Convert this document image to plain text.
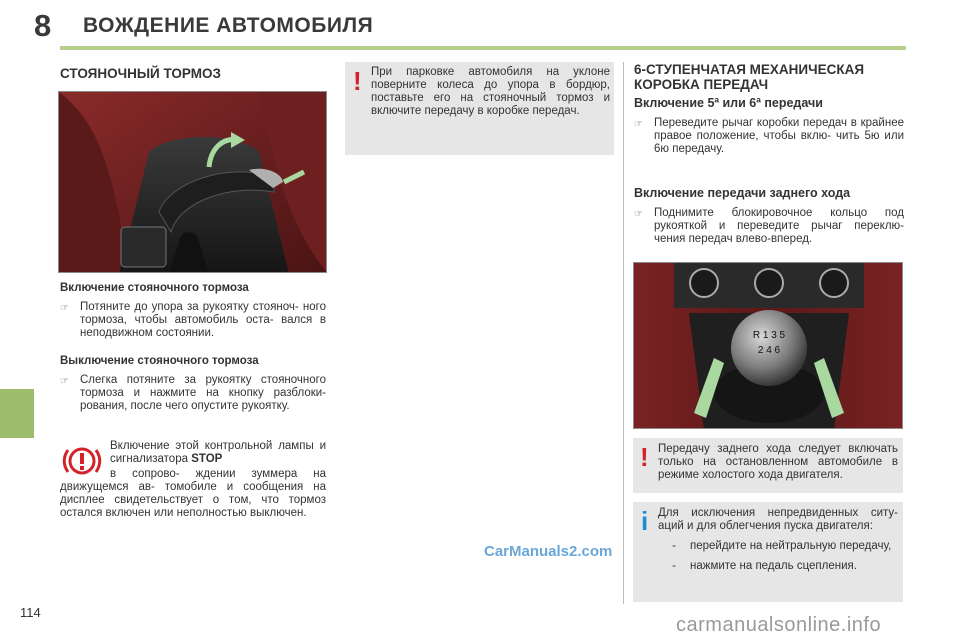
8 ВОЖДЕНИЕ АВТОМОБИЛЯ
СТОЯНОЧНЫЙ ТОРМОЗ
Включение стояночного тормоза
☞ Потяните до упора за рукоятку стояноч- ного тормоза, чтобы автомобиль оста- вался в неподвижном состоянии.
Выключение стояночного тормоза
☞ Слегка потяните за рукоятку стояночного тормоза и нажмите на кнопку разблоки- рования, после чего опустите рукоятку.
Включение этой контрольной лампы и сигнализатора STOP
в сопрово- ждении зуммера на движущемся ав- томобиле и сообщения на дисплее свидетельствует о том, что тормоз остался включен или неполностью выключен.
! При парковке автомобиля на уклоне поверните колеса до упора в бордюр, поставьте его на стояночный тормоз и включите передачу в коробке передач.
6-СТУПЕНЧАТАЯ МЕХАНИЧЕСКАЯ
КОРОБКА ПЕРЕДАЧ
Включение 5ª или 6ª передачи
☞ Переведите рычаг коробки передач в крайнее правое положение, чтобы вклю- чить 5ю или 6ю передачу.
Включение передачи заднего хода
☞ Поднимите блокировочное кольцо под рукояткой и переведите рычаг переклю- чения передач влево-вперед.
R 1 3 5
2 4 6
! Передачу заднего хода следует включать только на остановленном автомобиле в режиме холостого хода двигателя.
i Для исключения непредвиденных ситу- аций и для облегчения пуска двигателя:
-	перейдите на нейтральную передачу,
-	нажмите на педаль сцепления.
114
CarManuals2.com
carmanualsonline.info
